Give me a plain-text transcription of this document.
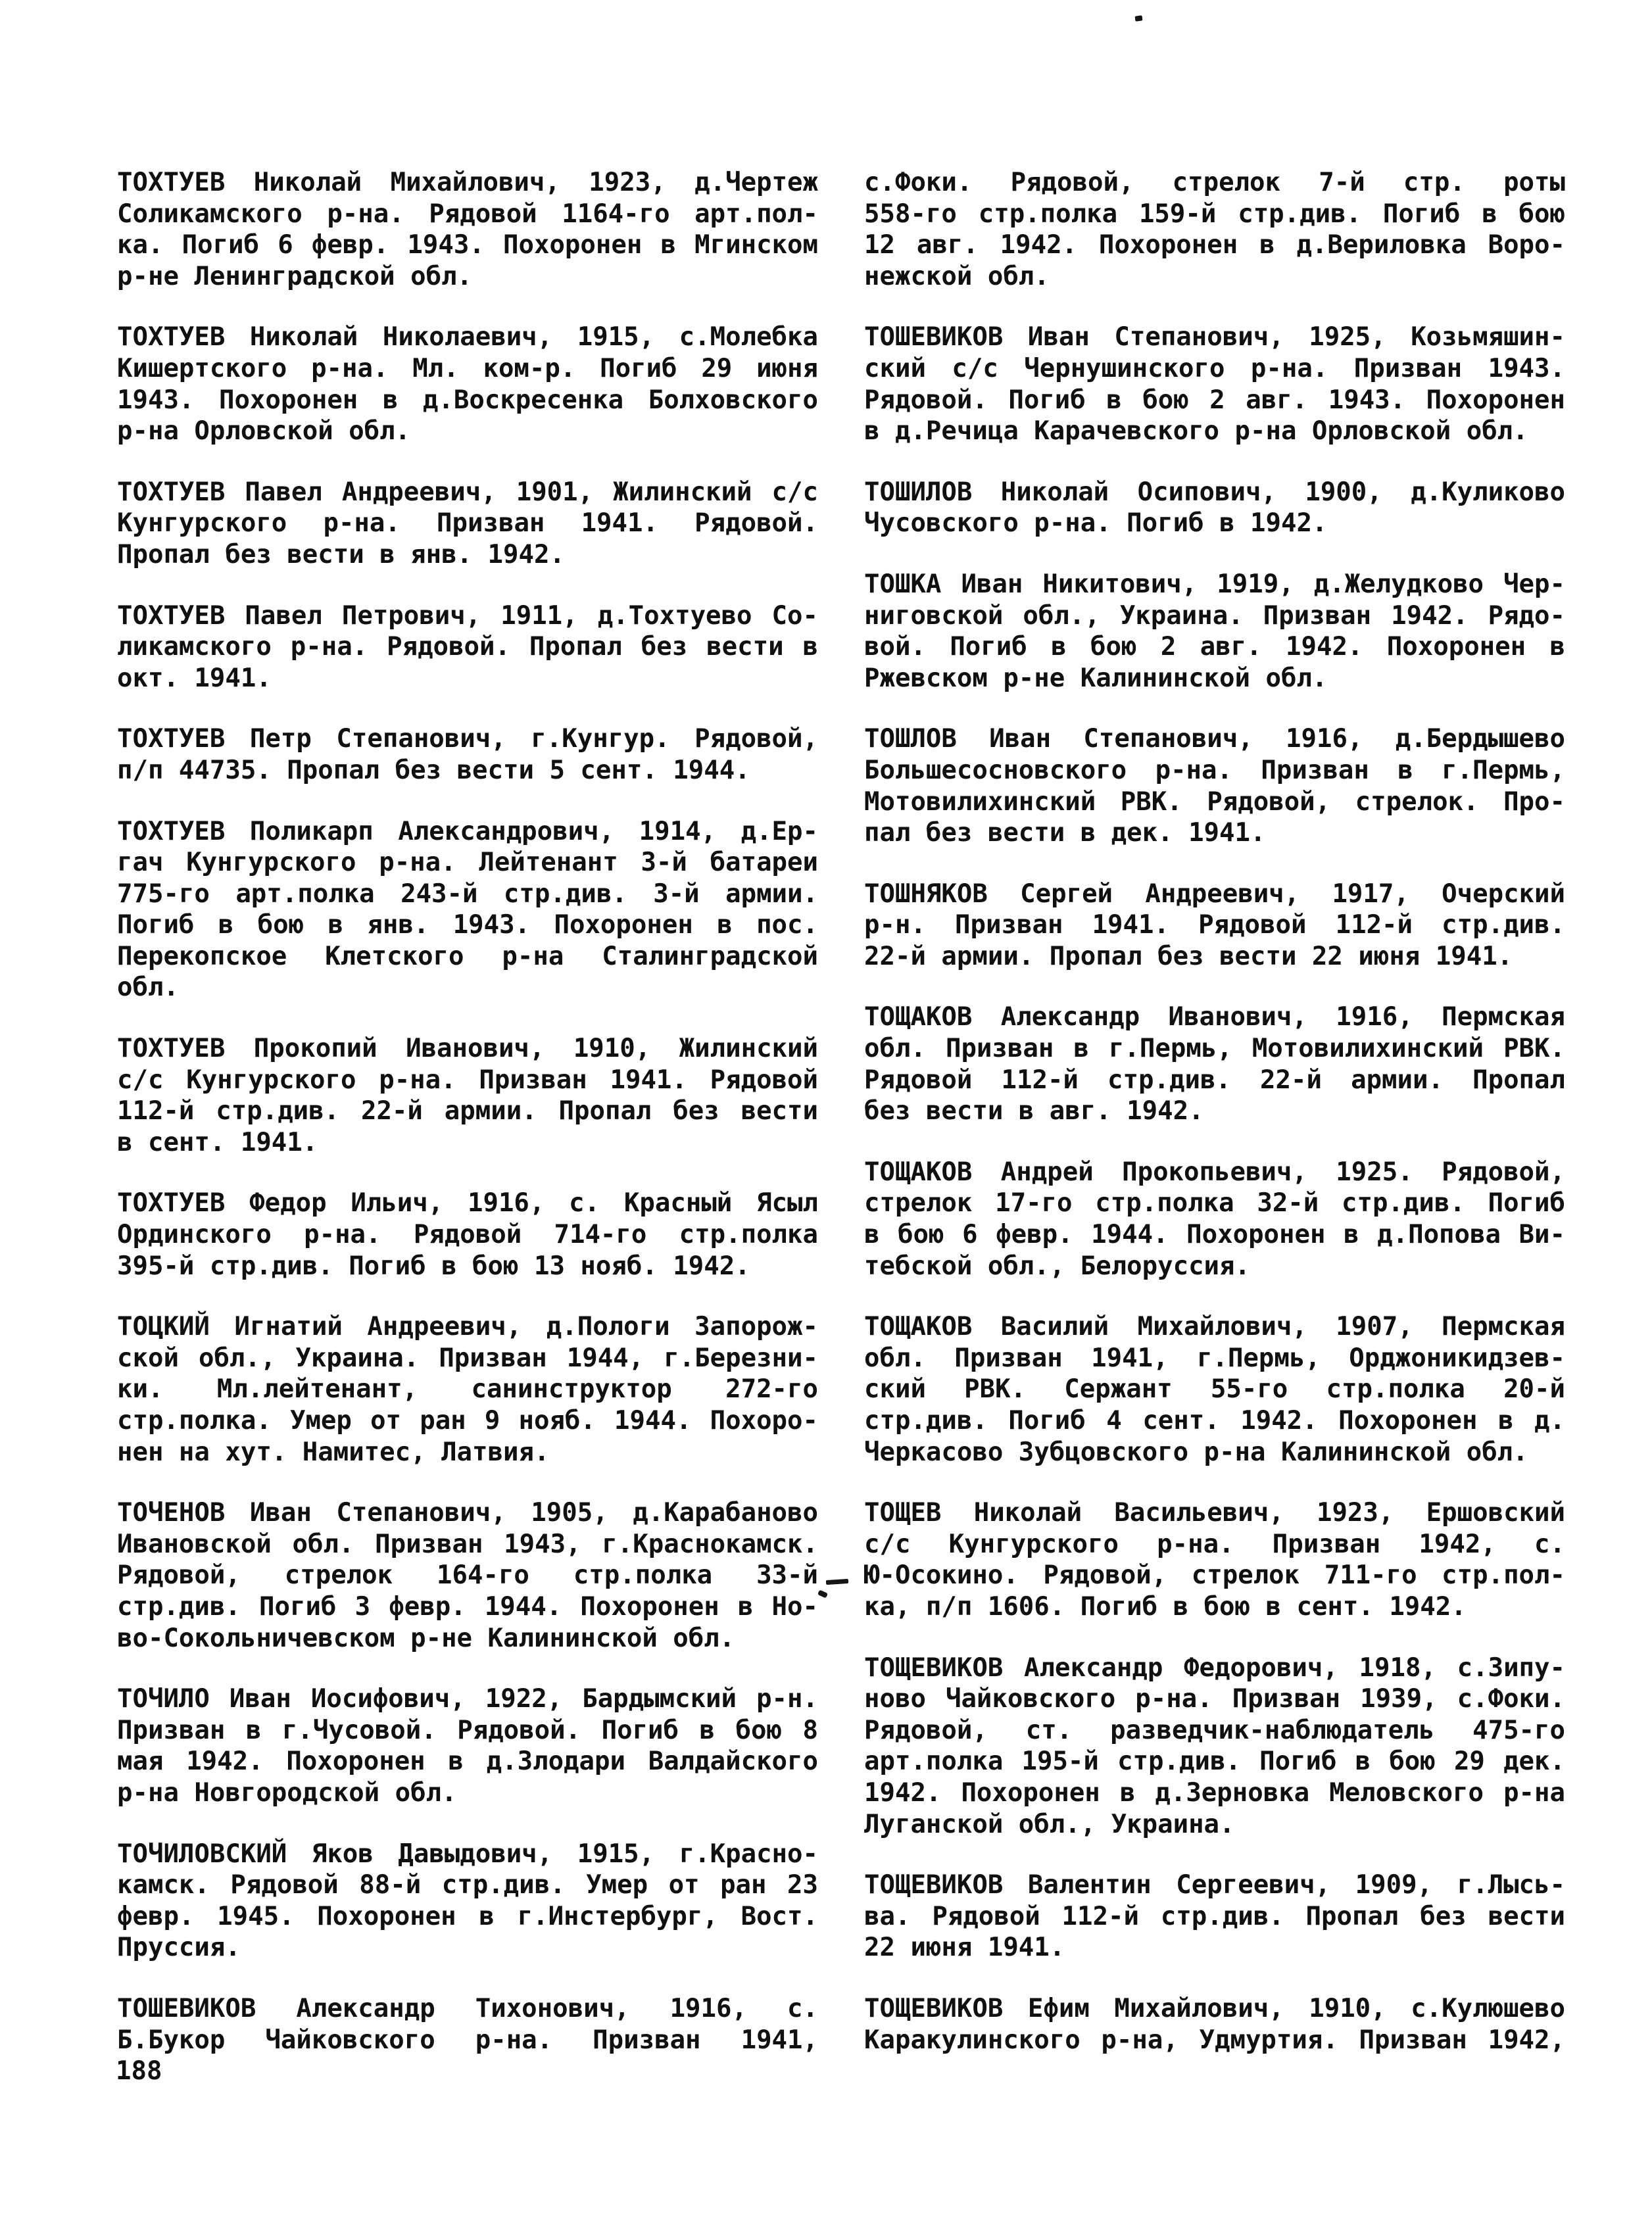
ТОХТУЕВ Николай Михайлович, 1923, д.Чертеж
Соликамского р-на. Рядовой 1164-го арт.пол-
ка. Погиб 6 февр. 1943. Похоронен в Мгинском
р-не Ленинградской обл.
ТОХТУЕВ Николай Николаевич, 1915, с.Молебка
Кишертского р-на. Мл. ком-р. Погиб 29 июня
1943. Похоронен в д.Воскресенка Болховского
р-на Орловской обл.
ТОХТУЕВ Павел Андреевич, 1901, Жилинский с/с
Кунгурского р-на. Призван 1941. Рядовой.
Пропал без вести в янв. 1942.
ТОХТУЕВ Павел Петрович, 1911, д.Тохтуево Со-
ликамского р-на. Рядовой. Пропал без вести в
окт. 1941.
ТОХТУЕВ Петр Степанович, г.Кунгур. Рядовой,
п/п 44735. Пропал без вести 5 сент. 1944.
ТОХТУЕВ Поликарп Александрович, 1914, д.Ер-
гач Кунгурского р-на. Лейтенант 3-й батареи
775-го арт.полка 243-й стр.див. 3-й армии.
Погиб в бою в янв. 1943. Похоронен в пос.
Перекопское Клетского р-на Сталинградской
обл.
ТОХТУЕВ Прокопий Иванович, 1910, Жилинский
с/с Кунгурского р-на. Призван 1941. Рядовой
112-й стр.див. 22-й армии. Пропал без вести
в сент. 1941.
ТОХТУЕВ Федор Ильич, 1916, с. Красный Ясыл
Ординского р-на. Рядовой 714-го стр.полка
395-й стр.див. Погиб в бою 13 нояб. 1942.
ТОЦКИЙ Игнатий Андреевич, д.Пологи Запорож-
ской обл., Украина. Призван 1944, г.Березни-
ки. Мл.лейтенант, санинструктор 272-го
стр.полка. Умер от ран 9 нояб. 1944. Похоро-
нен на хут. Намитес, Латвия.
ТОЧЕНОВ Иван Степанович, 1905, д.Карабаново
Ивановской обл. Призван 1943, г.Краснокамск.
Рядовой, стрелок 164-го стр.полка 33-й
стр.див. Погиб 3 февр. 1944. Похоронен в Но-
во-Сокольничевском р-не Калининской обл.
ТОЧИЛО Иван Иосифович, 1922, Бардымский р-н.
Призван в г.Чусовой. Рядовой. Погиб в бою 8
мая 1942. Похоронен в д.Злодари Валдайского
р-на Новгородской обл.
ТОЧИЛОВСКИЙ Яков Давыдович, 1915, г.Красно-
камск. Рядовой 88-й стр.див. Умер от ран 23
февр. 1945. Похоронен в г.Инстербург, Вост.
Пруссия.
ТОШЕВИКОВ Александр Тихонович, 1916, с.
Б.Букор Чайковского р-на. Призван 1941,
с.Фоки. Рядовой, стрелок 7-й стр. роты
558-го стр.полка 159-й стр.див. Погиб в бою
12 авг. 1942. Похоронен в д.Вериловка Воро-
нежской обл.
ТОШЕВИКОВ Иван Степанович, 1925, Козьмяшин-
ский с/с Чернушинского р-на. Призван 1943.
Рядовой. Погиб в бою 2 авг. 1943. Похоронен
в д.Речица Карачевского р-на Орловской обл.
ТОШИЛОВ Николай Осипович, 1900, д.Куликово
Чусовского р-на. Погиб в 1942.
ТОШКА Иван Никитович, 1919, д.Желудково Чер-
ниговской обл., Украина. Призван 1942. Рядо-
вой. Погиб в бою 2 авг. 1942. Похоронен в
Ржевском р-не Калининской обл.
ТОШЛОВ Иван Степанович, 1916, д.Бердышево
Большесосновского р-на. Призван в г.Пермь,
Мотовилихинский РВК. Рядовой, стрелок. Про-
пал без вести в дек. 1941.
ТОШНЯКОВ Сергей Андреевич, 1917, Очерский
р-н. Призван 1941. Рядовой 112-й стр.див.
22-й армии. Пропал без вести 22 июня 1941.
ТОЩАКОВ Александр Иванович, 1916, Пермская
обл. Призван в г.Пермь, Мотовилихинский РВК.
Рядовой 112-й стр.див. 22-й армии. Пропал
без вести в авг. 1942.
ТОЩАКОВ Андрей Прокопьевич, 1925. Рядовой,
стрелок 17-го стр.полка 32-й стр.див. Погиб
в бою 6 февр. 1944. Похоронен в д.Попова Ви-
тебской обл., Белоруссия.
ТОЩАКОВ Василий Михайлович, 1907, Пермская
обл. Призван 1941, г.Пермь, Орджоникидзев-
ский РВК. Сержант 55-го стр.полка 20-й
стр.див. Погиб 4 сент. 1942. Похоронен в д.
Черкасово Зубцовского р-на Калининской обл.
ТОЩЕВ Николай Васильевич, 1923, Ершовский
с/с Кунгурского р-на. Призван 1942, с.
Ю-Осокино. Рядовой, стрелок 711-го стр.пол-
ка, п/п 1606. Погиб в бою в сент. 1942.
ТОЩЕВИКОВ Александр Федорович, 1918, с.Зипу-
ново Чайковского р-на. Призван 1939, с.Фоки.
Рядовой, ст. разведчик-наблюдатель 475-го
арт.полка 195-й стр.див. Погиб в бою 29 дек.
1942. Похоронен в д.Зерновка Меловского р-на
Луганской обл., Украина.
ТОЩЕВИКОВ Валентин Сергеевич, 1909, г.Лысь-
ва. Рядовой 112-й стр.див. Пропал без вести
22 июня 1941.
ТОЩЕВИКОВ Ефим Михайлович, 1910, с.Кулюшево
Каракулинского р-на, Удмуртия. Призван 1942,
188
